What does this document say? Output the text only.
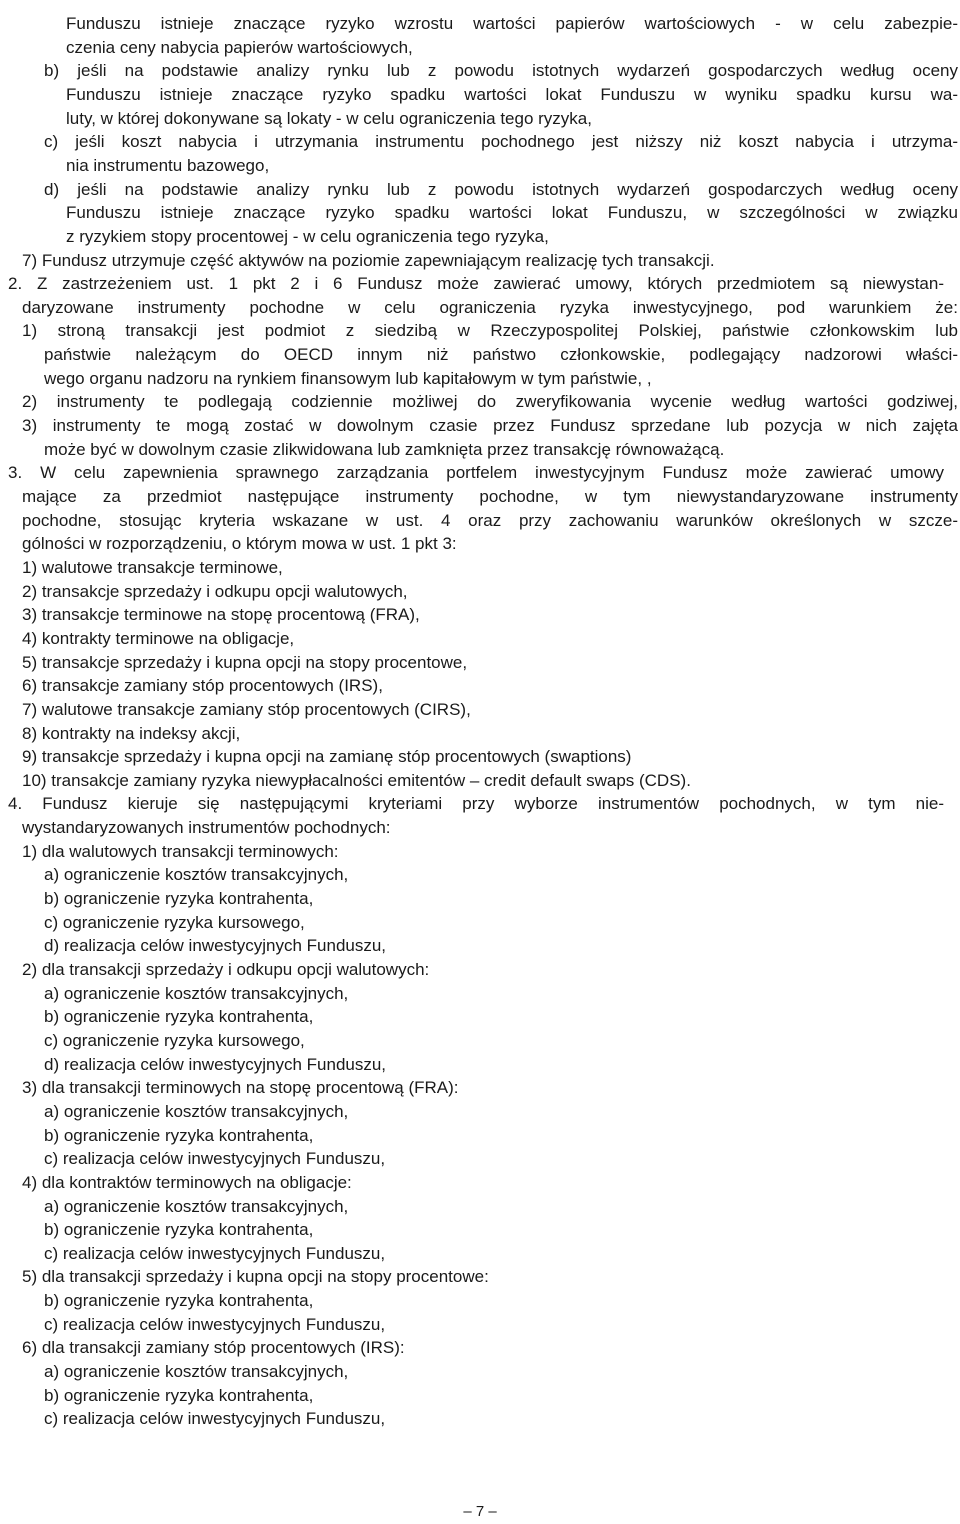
Funduszu istnieje znaczące ryzyko wzrostu wartości papierów wartościowych - w celu zabezpie-
czenia ceny nabycia papierów wartościowych,
b) jeśli na podstawie analizy rynku lub z powodu istotnych wydarzeń gospodarczych według oceny
Funduszu istnieje znaczące ryzyko spadku wartości lokat Funduszu w wyniku spadku kursu wa-
luty, w której dokonywane są lokaty - w celu ograniczenia tego ryzyka,
c) jeśli koszt nabycia i utrzymania instrumentu pochodnego jest niższy niż koszt nabycia i utrzyma-
nia instrumentu bazowego,
d) jeśli na podstawie analizy rynku lub z powodu istotnych wydarzeń gospodarczych według oceny
Funduszu istnieje znaczące ryzyko spadku wartości lokat Funduszu, w szczególności w związku
z ryzykiem stopy procentowej - w celu ograniczenia tego ryzyka,
7) Fundusz utrzymuje część aktywów na poziomie zapewniającym realizację tych transakcji.
2. Z zastrzeżeniem ust. 1 pkt 2 i 6 Fundusz może zawierać umowy, których przedmiotem są niewystan-
daryzowane instrumenty pochodne w celu ograniczenia ryzyka inwestycyjnego, pod warunkiem że:
1) stroną transakcji jest podmiot z siedzibą w Rzeczypospolitej Polskiej, państwie członkowskim lub
państwie należącym do OECD innym niż państwo członkowskie, podlegający nadzorowi właści-
wego organu nadzoru na rynkiem finansowym lub kapitałowym w tym państwie, ,
2) instrumenty te podlegają codziennie możliwej do zweryfikowania wycenie według wartości godziwej,
3) instrumenty te mogą zostać w dowolnym czasie przez Fundusz sprzedane lub pozycja w nich zajęta
może być w dowolnym czasie zlikwidowana lub zamknięta przez transakcję równoważącą.
3. W celu zapewnienia sprawnego zarządzania portfelem inwestycyjnym Fundusz może zawierać umowy
mające za przedmiot następujące instrumenty pochodne, w tym niewystandaryzowane instrumenty
pochodne, stosując kryteria wskazane w ust. 4 oraz przy zachowaniu warunków określonych w szcze-
gólności w rozporządzeniu, o którym mowa w ust. 1 pkt 3:
1) walutowe transakcje terminowe,
2) transakcje sprzedaży i odkupu opcji walutowych,
3) transakcje terminowe na stopę procentową (FRA),
4) kontrakty terminowe na obligacje,
5) transakcje sprzedaży i kupna opcji na stopy procentowe,
6) transakcje zamiany stóp procentowych (IRS),
7) walutowe transakcje zamiany stóp procentowych (CIRS),
8) kontrakty na indeksy akcji,
9) transakcje sprzedaży i kupna opcji na zamianę stóp procentowych (swaptions)
10) transakcje zamiany ryzyka niewypłacalności emitentów – credit default swaps (CDS).
4. Fundusz kieruje się następującymi kryteriami przy wyborze instrumentów pochodnych, w tym nie-
wystandaryzowanych instrumentów pochodnych:
1) dla walutowych transakcji terminowych:
a) ograniczenie kosztów transakcyjnych,
b) ograniczenie ryzyka kontrahenta,
c) ograniczenie ryzyka kursowego,
d) realizacja celów inwestycyjnych Funduszu,
2) dla transakcji sprzedaży i odkupu opcji walutowych:
a) ograniczenie kosztów transakcyjnych,
b) ograniczenie ryzyka kontrahenta,
c) ograniczenie ryzyka kursowego,
d) realizacja celów inwestycyjnych Funduszu,
3) dla transakcji terminowych na stopę procentową (FRA):
a) ograniczenie kosztów transakcyjnych,
b) ograniczenie ryzyka kontrahenta,
c) realizacja celów inwestycyjnych Funduszu,
4) dla kontraktów terminowych na obligacje:
a) ograniczenie kosztów transakcyjnych,
b) ograniczenie ryzyka kontrahenta,
c) realizacja celów inwestycyjnych Funduszu,
5) dla transakcji sprzedaży i kupna opcji na stopy procentowe:
b) ograniczenie ryzyka kontrahenta,
c) realizacja celów inwestycyjnych Funduszu,
6) dla transakcji zamiany stóp procentowych (IRS):
a) ograniczenie kosztów transakcyjnych,
b) ograniczenie ryzyka kontrahenta,
c) realizacja celów inwestycyjnych Funduszu,
– 7 –
